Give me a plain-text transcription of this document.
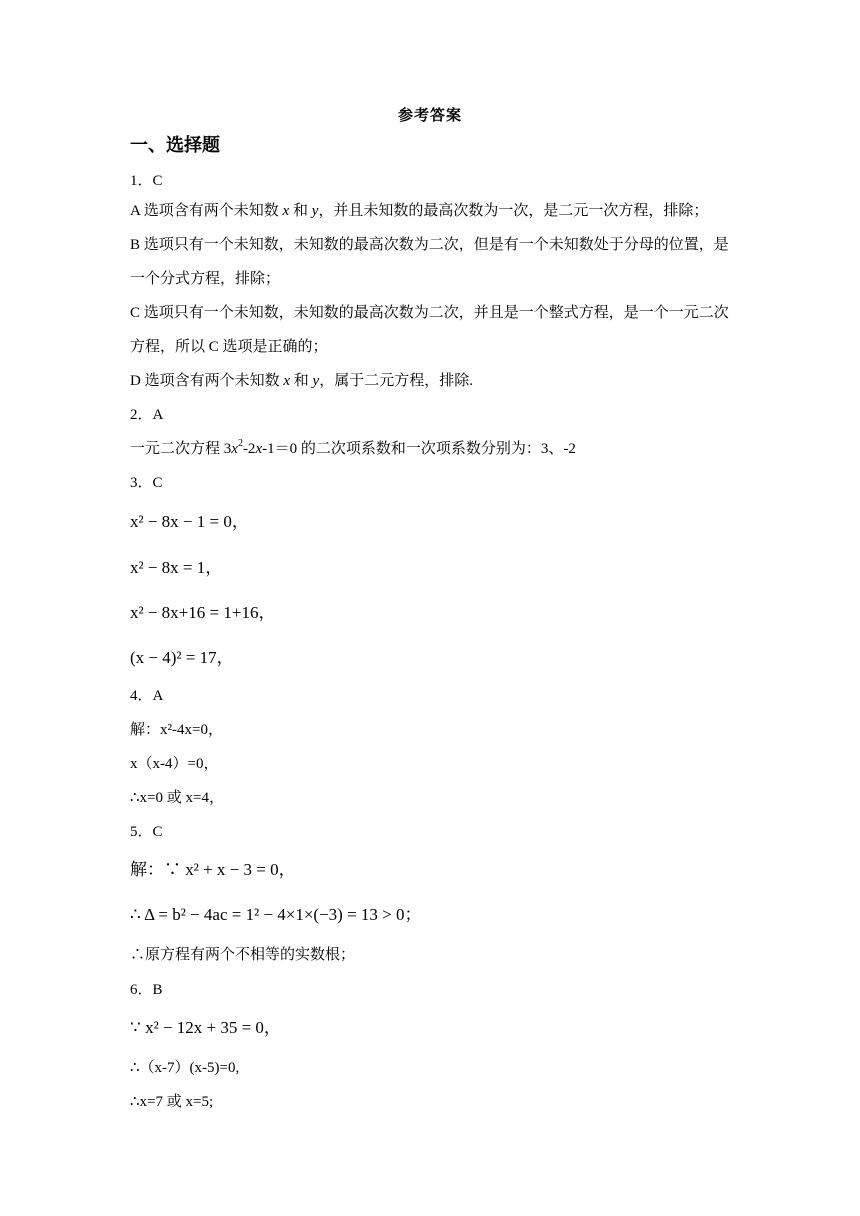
参考答案
一、选择题
1．C
A 选项含有两个未知数 x 和 y，并且未知数的最高次数为一次，是二元一次方程，排除；
B 选项只有一个未知数，未知数的最高次数为二次，但是有一个未知数处于分母的位置，是
一个分式方程，排除；
C 选项只有一个未知数，未知数的最高次数为二次，并且是一个整式方程，是一个一元二次
方程，所以 C 选项是正确的；
D 选项含有两个未知数 x 和 y，属于二元方程，排除.
2．A
一元二次方程 $3x^2-2x-1=0$ 的二次项系数和一次项系数分别为：3、-2
3．C
x² − 8x − 1 = 0，
x² − 8x = 1，
x² − 8x+16 = 1+16，
(x − 4)² = 17，
4．A
解：x²-4x=0，
x（x-4）=0，
∴x=0 或 x=4，
5．C
解：∵ x² + x − 3 = 0，
∴ Δ = b² − 4ac = 1² − 4×1×(−3) = 13 > 0；
∴原方程有两个不相等的实数根；
6．B
∵ x² − 12x + 35 = 0，
∴（x-7）(x-5)=0,
∴x=7 或 x=5;
